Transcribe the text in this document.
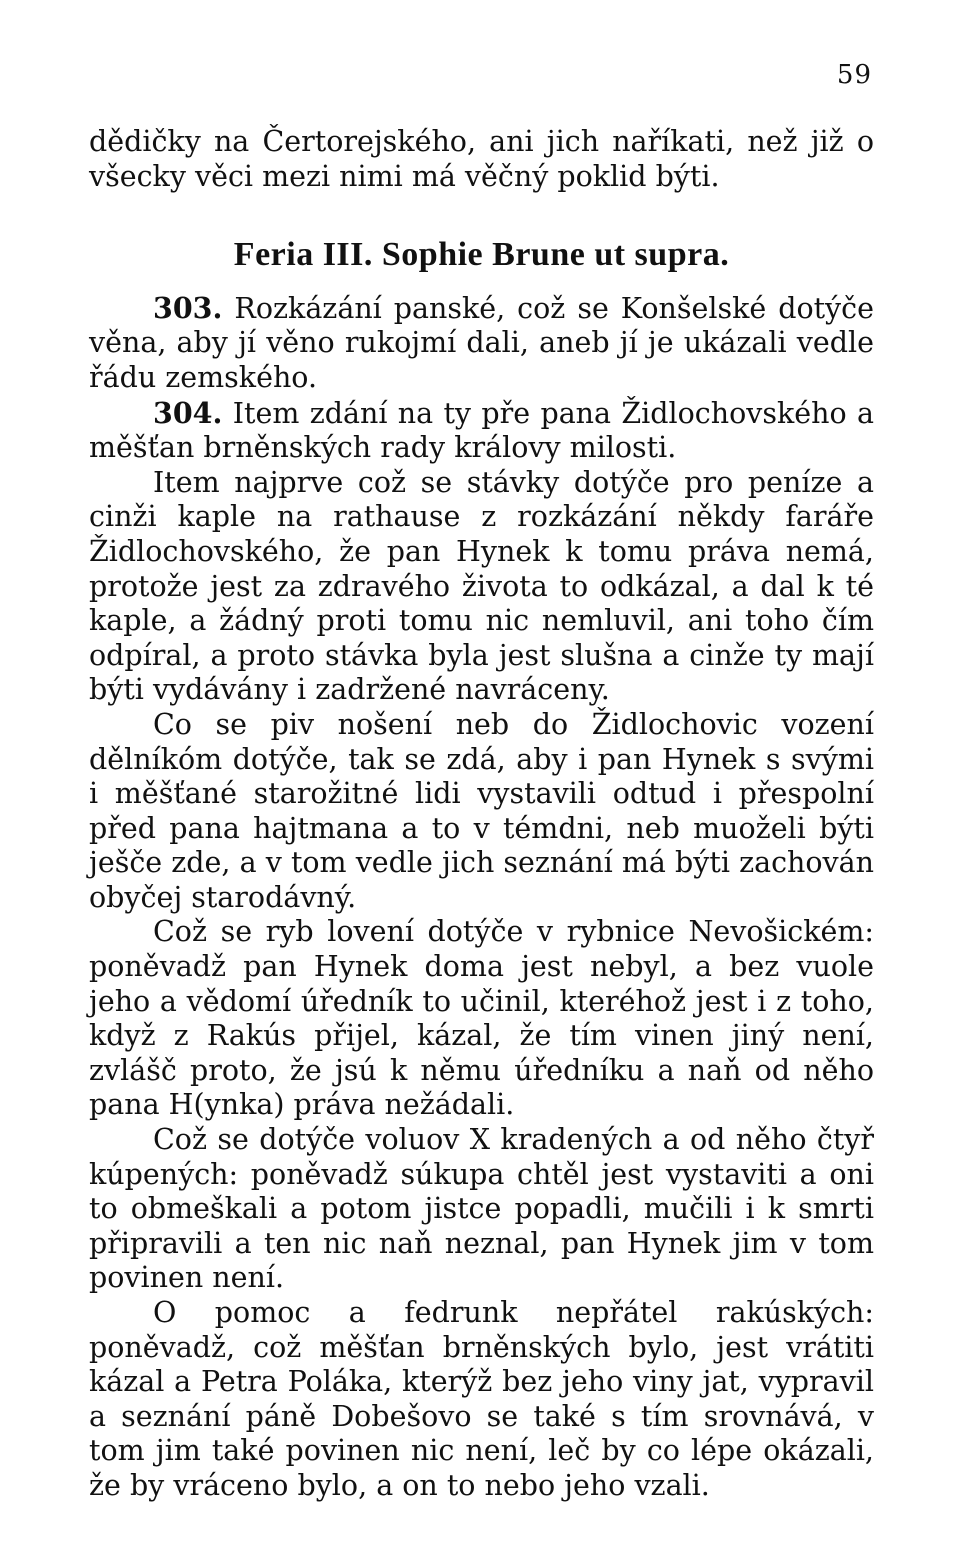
59

dědičky na Čertorejského, ani jich naříkati, než již o všecky věci mezi nimi má věčný poklid býti.

Feria III. Sophie Brune ut supra.

303. Rozkázání panské, což se Konšelské dotýče věna, aby jí věno rukojmí dali, aneb jí je ukázali vedle řádu zemského.

304. Item zdání na ty pře pana Židlochovského a měšťan brněnských rady královy milosti.

Item najprve což se stávky dotýče pro peníze a cinži kaple na rathause z rozkázání někdy faráře Židlochovského, že pan Hynek k tomu práva nemá, protože jest za zdravého života to odkázal, a dal k té kaple, a žádný proti tomu nic nemluvil, ani toho čím odpíral, a proto stávka byla jest slušna a cinže ty mají býti vydávány i zadržené navráceny.

Co se piv nošení neb do Židlochovic vození dělníkóm dotýče, tak se zdá, aby i pan Hynek s svými i měšťané starožitné lidi vystavili odtud i přespolní před pana hajtmana a to v témdni, neb muoželi býti ješče zde, a v tom vedle jich seznání má býti zachován obyčej starodávný.

Což se ryb lovení dotýče v rybnice Nevošickém: poněvadž pan Hynek doma jest nebyl, a bez vuole jeho a vědomí úředník to učinil, kteréhož jest i z toho, když z Rakús přijel, kázal, že tím vinen jiný není, zvlášč proto, že jsú k němu úředníku a naň od něho pana H(ynka) práva nežádali.

Což se dotýče voluov X kradených a od něho čtyř kúpených: poněvadž súkupa chtěl jest vystaviti a oni to obmeškali a potom jistce popadli, mučili i k smrti připravili a ten nic naň neznal, pan Hynek jim v tom povinen není.

O pomoc a fedrunk nepřátel rakúských: poněvadž, což měšťan brněnských bylo, jest vrátiti kázal a Petra Poláka, kterýž bez jeho viny jat, vypravil a seznání páně Dobešovo se také s tím srovnává, v tom jim také povinen nic není, leč by co lépe okázali, že by vráceno bylo, a on to nebo jeho vzali.
